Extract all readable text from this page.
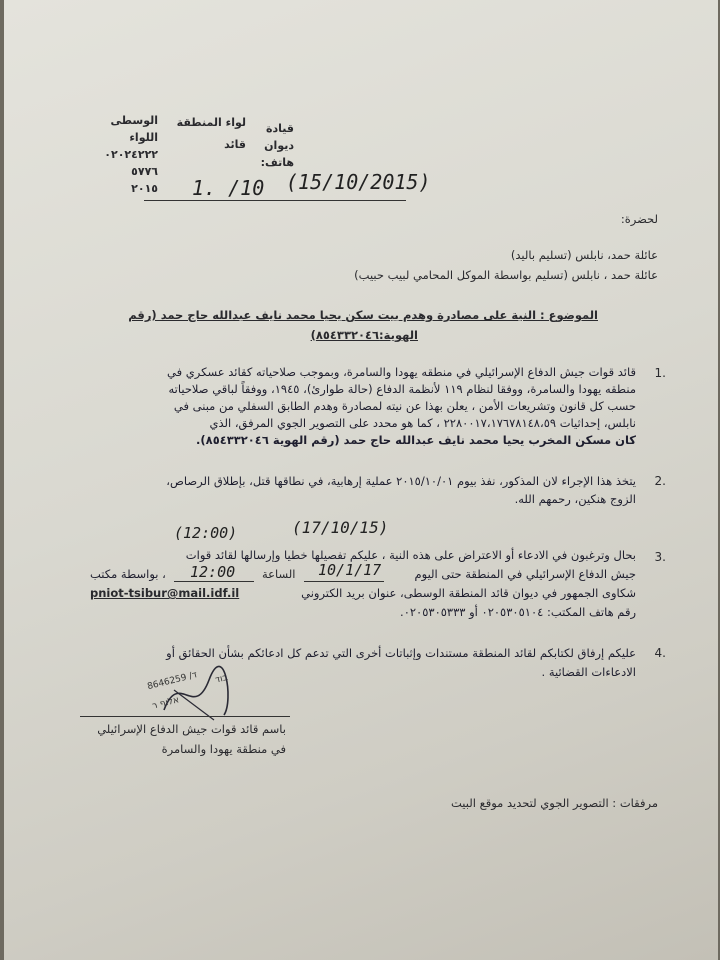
قيادة
ديوان
هاتف:
لواء المنطقة
قائد
الوسطى
اللواء
٠٢٠٢٤٢٢٢
٥٧٧٦
٢٠١٥ 1. /10 (15/10/2015)
لحضرة:
عائلة حمد، نابلس (تسليم باليد)
عائلة حمد ، نابلس (تسليم بواسطة الموكل المحامي لبيب حبيب)
الموضوع : النية على مصادرة وهدم بيت سكن يحيا محمد نايف عبدالله حاج حمد (رقم
الهوية:٨٥٤٣٣٢٠٤٦)
.1
قائد قوات جيش الدفاع الإسرائيلي في منطقه يهودا والسامرة، وبموجب صلاحياته كقائد عسكري في
منطقه يهودا والسامرة، ووفقا لنظام ١١٩ لأنظمة الدفاع (حالة طوارئ)، ١٩٤٥، ووفقاً لباقي صلاحياته
حسب كل قانون وتشريعات الأمن ، يعلن بهذا عن نيته لمصادرة وهدم الطابق السفلي من مبنى في
نابلس، إحداثيات ٢٢٨٠٠١٧،١٧٦٧٨١٤٨،٥٩ ، كما هو محدد على التصوير الجوي المرفق، الذي
كان مسكن المخرب يحيا محمد نايف عبدالله حاج حمد (رقم الهوية ٨٥٤٣٣٢٠٤٦).
.2
يتخذ هذا الإجراء لان المذكور، نفذ بيوم ٢٠١٥/١٠/٠١ عملية إرهابية، في نطاقها قتل، بإطلاق الرصاص،
الزوج هنكين، رحمهم الله.
(12:00)	(17/10/15)
.3
بحال وترغبون في الادعاء أو الاعتراض على هذه النية ، عليكم تفصيلها خطيا وإرسالها لقائد قوات
جيش الدفاع الإسرائيلي في المنطقة حتى اليوم
10/1/17
الساعة
12:00
، بواسطة مكتب
شكاوى الجمهور في ديوان قائد المنطقة الوسطى، عنوان بريد الكتروني
pniot-tsibur@mail.idf.il
رقم هاتف المكتب: ٠٢٠٥٣٠٥١٠٤ أو ٠٢٠٥٣٠٥٣٣٣.
.4
عليكم إرفاق لكتابكم لقائد المنطقة مستندات وإثباتات أخرى التي تدعم كل ادعائكم بشأن الحقائق أو
الادعاءات القضائية .
8646259 /ד	בוד
אלוף ר
باسم قائد قوات جيش الدفاع الإسرائيلي
في منطقة يهودا والسامرة
مرفقات : التصوير الجوي لتحديد موقع البيت
